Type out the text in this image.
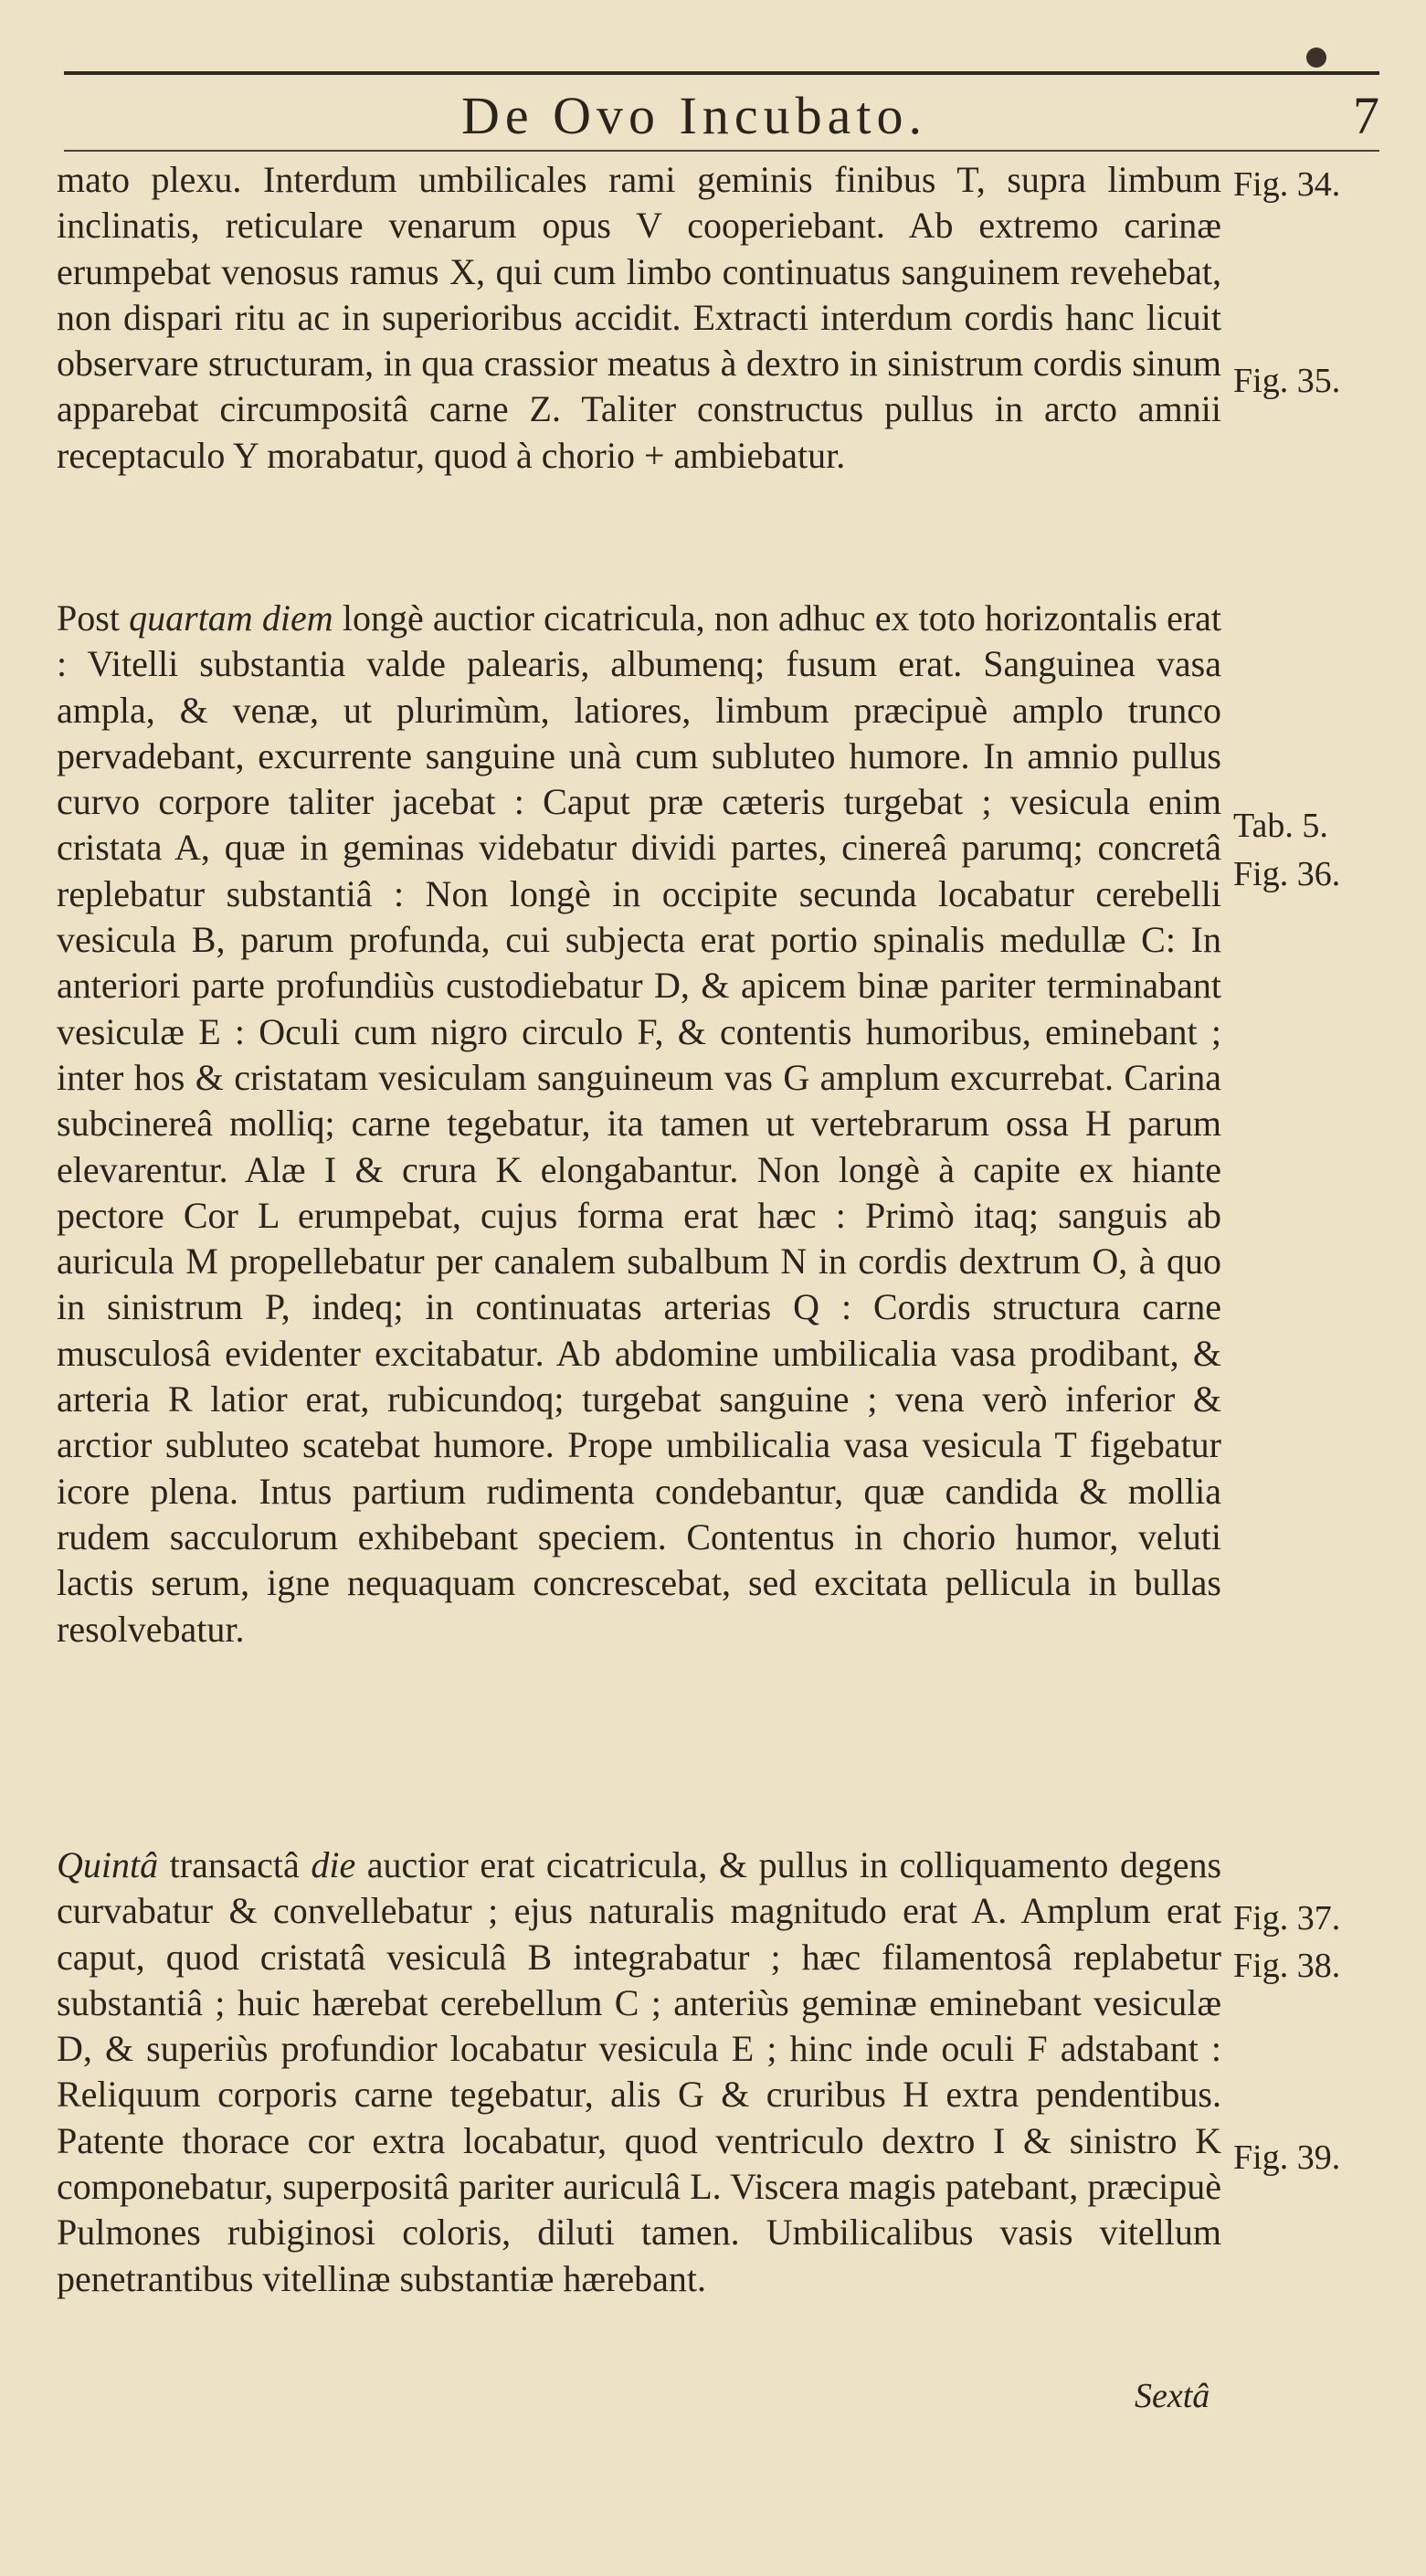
De Ovo Incubato.	7

mato plexu. Interdum umbilicales rami geminis finibus T, supra limbum inclinatis, reticulare venarum opus V cooperiebant. Ab extremo carinæ erumpebat venosus ramus X, qui cum limbo continuatus sanguinem revehebat, non dispari ritu ac in superioribus accidit. Extracti interdum cordis hanc licuit observare structuram, in qua crassior meatus à dextro in sinistrum cordis sinum apparebat circumpositâ carne Z. Taliter constructus pullus in arcto amnii receptaculo Y morabatur, quod à chorio + ambiebatur.

Post quartam diem longè auctior cicatricula, non adhuc ex toto horizontalis erat : Vitelli substantia valde palearis, albumenq; fusum erat. Sanguinea vasa ampla, & venæ, ut plurimùm, latiores, limbum præcipuè amplo trunco pervadebant, excurrente sanguine unà cum subluteo humore. In amnio pullus curvo corpore taliter jacebat : Caput præ cæteris turgebat ; vesicula enim cristata A, quæ in geminas videbatur dividi partes, cinereâ parumq; concretâ replebatur substantiâ : Non longè in occipite secunda locabatur cerebelli vesicula B, parum profunda, cui subjecta erat portio spinalis medullæ C: In anteriori parte profundiùs custodiebatur D, & apicem binæ pariter terminabant vesiculæ E : Oculi cum nigro circulo F, & contentis humoribus, eminebant ; inter hos & cristatam vesiculam sanguineum vas G amplum excurrebat. Carina subcinereâ molliq; carne tegebatur, ita tamen ut vertebrarum ossa H parum elevarentur. Alæ I & crura K elongabantur. Non longè à capite ex hiante pectore Cor L erumpebat, cujus forma erat hæc : Primò itaq; sanguis ab auricula M propellebatur per canalem subalbum N in cordis dextrum O, à quo in sinistrum P, indeq; in continuatas arterias Q : Cordis structura carne musculosâ evidenter excitabatur. Ab abdomine umbilicalia vasa prodibant, & arteria R latior erat, rubicundoq; turgebat sanguine ; vena verò inferior & arctior subluteo scatebat humore. Prope umbilicalia vasa vesicula T figebatur icore plena. Intus partium rudimenta condebantur, quæ candida & mollia rudem sacculorum exhibebant speciem. Contentus in chorio humor, veluti lactis serum, igne nequaquam concrescebat, sed excitata pellicula in bullas resolvebatur.

Quintâ transactâ die auctior erat cicatricula, & pullus in colliquamento degens curvabatur & convellebatur ; ejus naturalis magnitudo erat A. Amplum erat caput, quod cristatâ vesiculâ B integrabatur ; hæc filamentosâ replabetur substantiâ ; huic hærebat cerebellum C ; anteriùs geminæ eminebant vesiculæ D, & superiùs profundior locabatur vesicula E ; hinc inde oculi F adstabant : Reliquum corporis carne tegebatur, alis G & cruribus H extra pendentibus. Patente thorace cor extra locabatur, quod ventriculo dextro I & sinistro K componebatur, superpositâ pariter auriculâ L. Viscera magis patebant, præcipuè Pulmones rubiginosi coloris, diluti tamen. Umbilicalibus vasis vitellum penetrantibus vitellinæ substantiæ hærebant.

Fig. 34.
Fig. 35.
Tab. 5.
Fig. 36.
Fig. 37.
Fig. 38.
Fig. 39.
Sextâ
